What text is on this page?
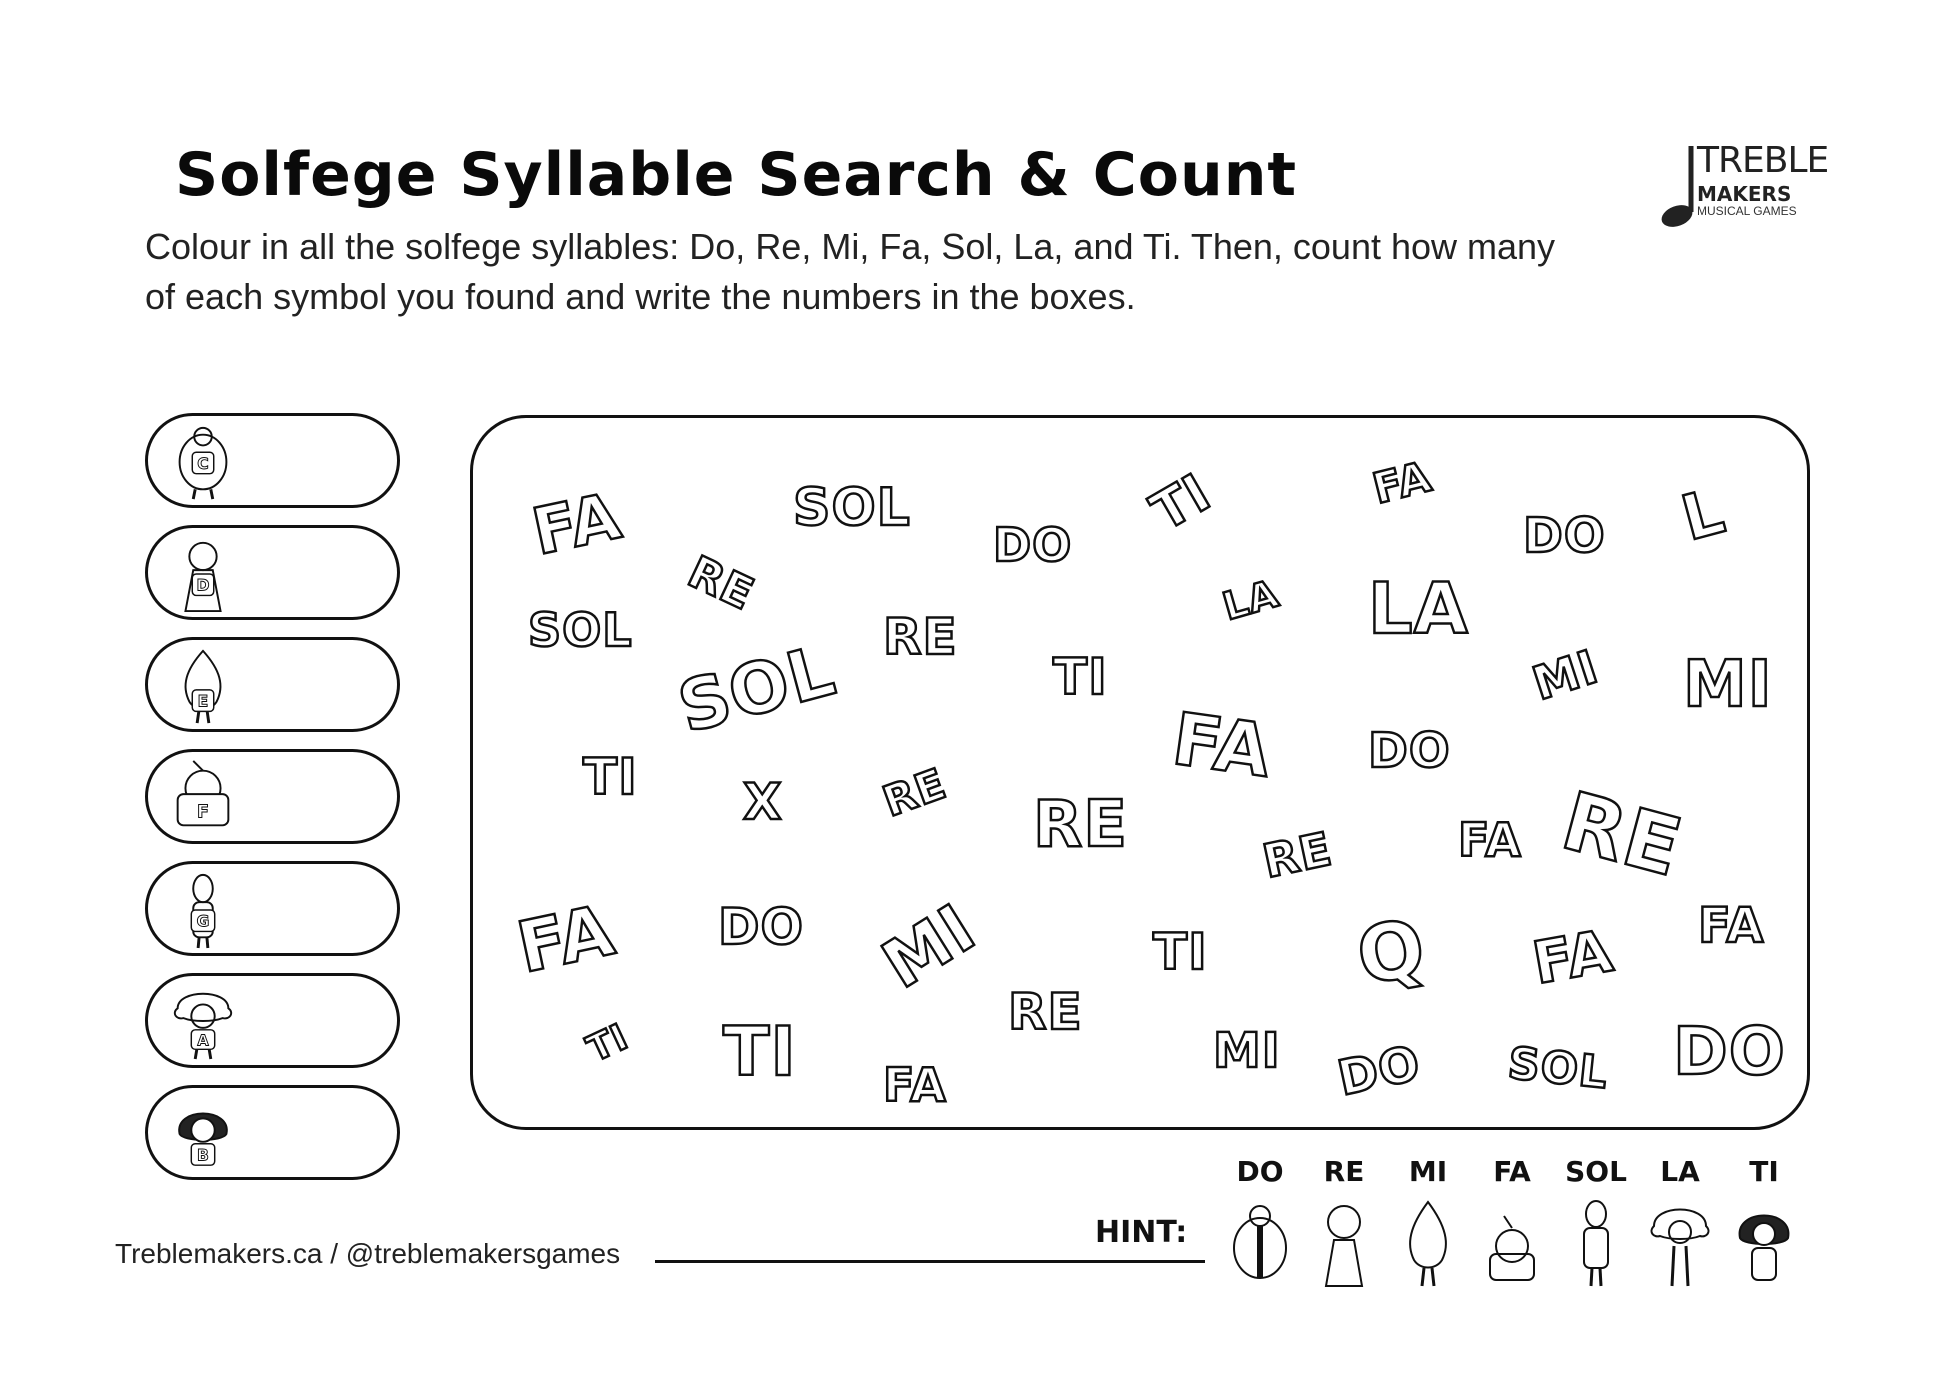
Solfege Syllable Search & Count
Colour in all the solfege syllables: Do, Re, Mi, Fa, Sol, La, and Ti. Then, count how many of each symbol you found and write the numbers in the boxes.
TREBLE
MAKERS
MUSICAL GAMES
C
D
E
F
G
A
B
FA	SOL
DO
TI	FA
DO L
RE
SOL	RE
LA LA
SOL	TI	MI MI
FA DO
TI X RE RE	RE	FA RE
FA DO MI	TI Q FA FA
TI TI
RE
FA
MI DO SOL DO
Treblemakers.ca / @treblemakersgames
HINT:
DO	RE	MI	FA	SOL	LA	TI
